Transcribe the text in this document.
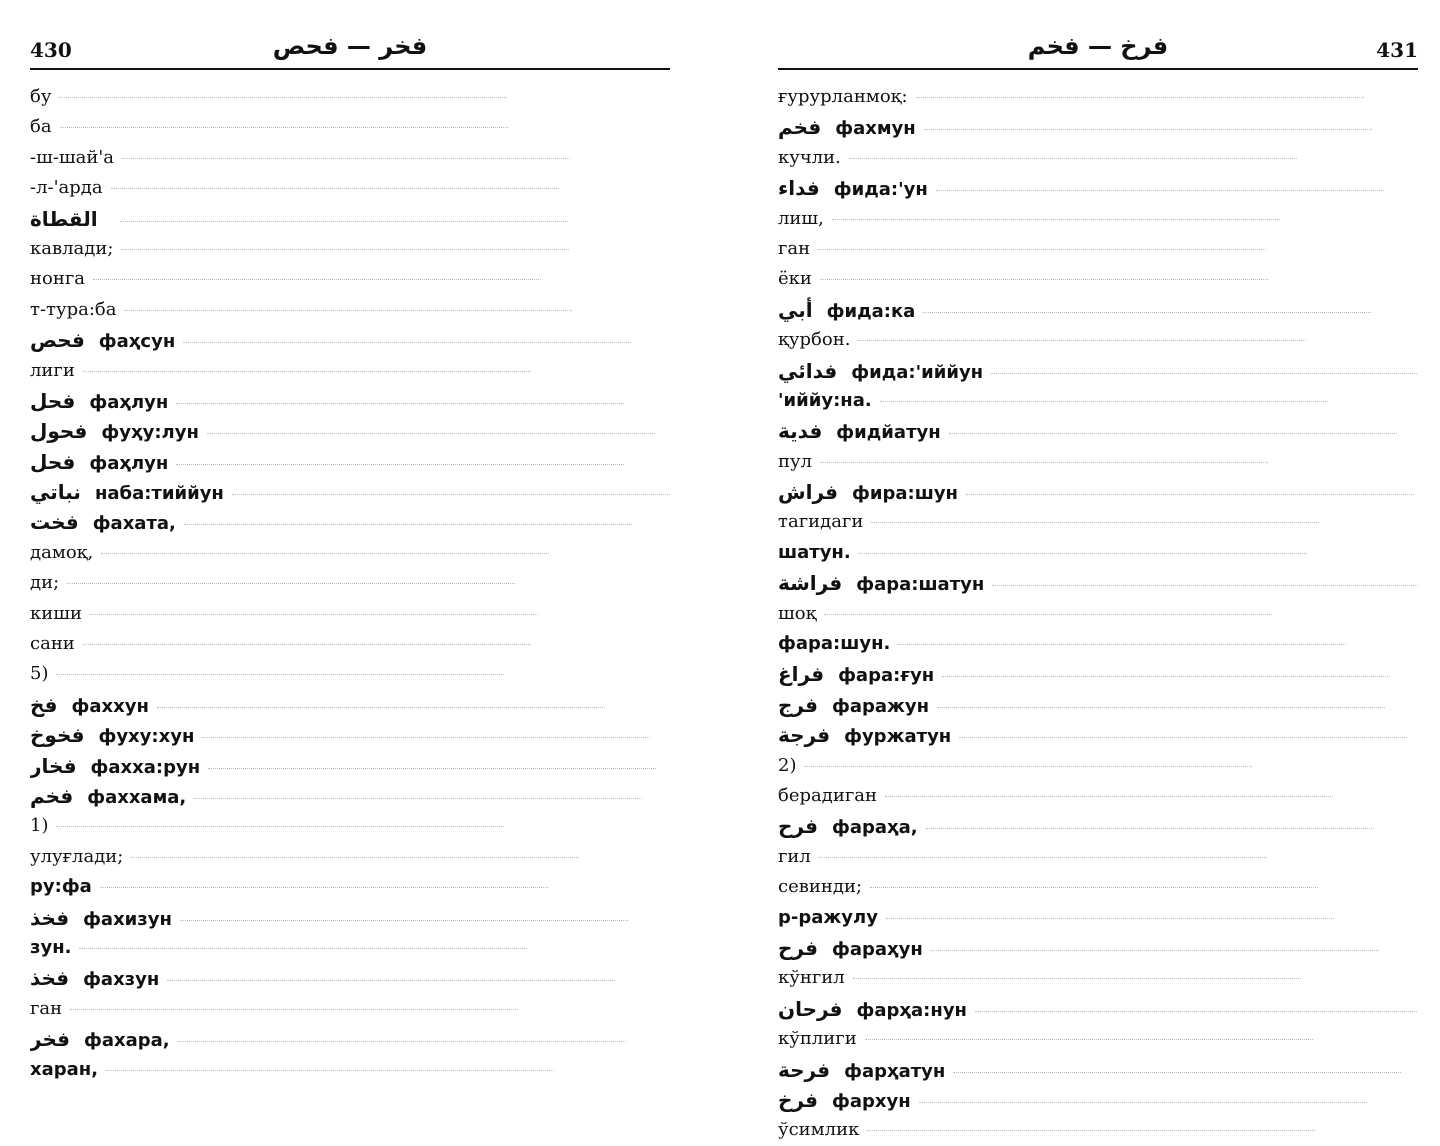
430	فخر — فحص
бу
ба
-ш-шай'а
-л-'арда
القطاة
кавлади;
нонга
т-тура:ба
فحص фаҳсун
лиги
فحل фаҳлун
فحول фуҳу:лун
فحل фаҳлун
نباتي наба:тиййун
فخت фахата,
дамоқ,
ди;
киши
сани
5)
فخ фаххун
فخوخ фуху:хун
فخار фахха:рун
فخم фаххама,
1)
улуғлади;
ру:фа
فخذ фахизун
зун.
فخذ фахзун
ган
فخر фахара,
харан,
431
فرخ — فخم
ғурурланмоқ:
فخم фахмун
кучли.
فداء фида:'ун
лиш,
ган
ёки
أبي фида:ка
қурбон.
فدائي фида:'иййун
'иййу:на.
فدية фидйатун
пул
فراش фира:шун
тагидаги
шатун.
فراشة фара:шатун
шоқ
фара:шун.
فراغ фара:ғун
فرج фаражун
فرجة фуржатун
2)
берадиган
فرح фараҳа,
гил
севинди;
р-ражулу
فرح фараҳун
кўнгил
فرحان фарҳа:нун
кўплиги
فرحة фарҳатун
فرخ фархун
ўсимлик
